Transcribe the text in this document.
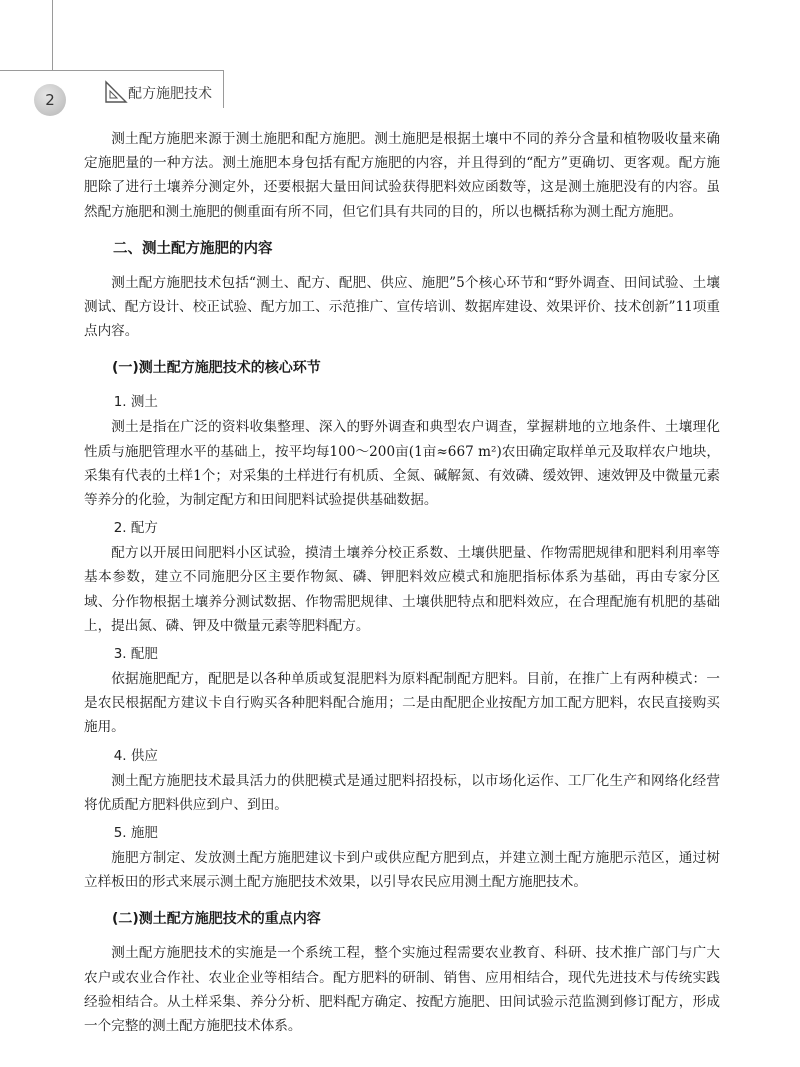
2	配方施肥技术

测土配方施肥来源于测土施肥和配方施肥。测土施肥是根据土壤中不同的养分含量和植物吸收量来确定施肥量的一种方法。测土施肥本身包括有配方施肥的内容，并且得到的“配方”更确切、更客观。配方施肥除了进行土壤养分测定外，还要根据大量田间试验获得肥料效应函数等，这是测土施肥没有的内容。虽然配方施肥和测土施肥的侧重面有所不同，但它们具有共同的目的，所以也概括称为测土配方施肥。

二、测土配方施肥的内容

测土配方施肥技术包括“测土、配方、配肥、供应、施肥”5个核心环节和“野外调查、田间试验、土壤测试、配方设计、校正试验、配方加工、示范推广、宣传培训、数据库建设、效果评价、技术创新”11项重点内容。

(一)测土配方施肥技术的核心环节
1. 测土

测土是指在广泛的资料收集整理、深入的野外调查和典型农户调查，掌握耕地的立地条件、土壤理化性质与施肥管理水平的基础上，按平均每100～200亩(1亩≈667 m²)农田确定取样单元及取样农户地块，采集有代表的土样1个；对采集的土样进行有机质、全氮、碱解氮、有效磷、缓效钾、速效钾及中微量元素等养分的化验，为制定配方和田间肥料试验提供基础数据。

2. 配方

配方以开展田间肥料小区试验，摸清土壤养分校正系数、土壤供肥量、作物需肥规律和肥料利用率等基本参数，建立不同施肥分区主要作物氮、磷、钾肥料效应模式和施肥指标体系为基础，再由专家分区域、分作物根据土壤养分测试数据、作物需肥规律、土壤供肥特点和肥料效应，在合理配施有机肥的基础上，提出氮、磷、钾及中微量元素等肥料配方。

3. 配肥

依据施肥配方，配肥是以各种单质或复混肥料为原料配制配方肥料。目前，在推广上有两种模式：一是农民根据配方建议卡自行购买各种肥料配合施用；二是由配肥企业按配方加工配方肥料，农民直接购买施用。

4. 供应

测土配方施肥技术最具活力的供肥模式是通过肥料招投标，以市场化运作、工厂化生产和网络化经营将优质配方肥料供应到户、到田。

5. 施肥

施肥方制定、发放测土配方施肥建议卡到户或供应配方肥到点，并建立测土配方施肥示范区，通过树立样板田的形式来展示测土配方施肥技术效果，以引导农民应用测土配方施肥技术。

(二)测土配方施肥技术的重点内容

测土配方施肥技术的实施是一个系统工程，整个实施过程需要农业教育、科研、技术推广部门与广大农户或农业合作社、农业企业等相结合。配方肥料的研制、销售、应用相结合，现代先进技术与传统实践经验相结合。从土样采集、养分分析、肥料配方确定、按配方施肥、田间试验示范监测到修订配方，形成一个完整的测土配方施肥技术体系。
